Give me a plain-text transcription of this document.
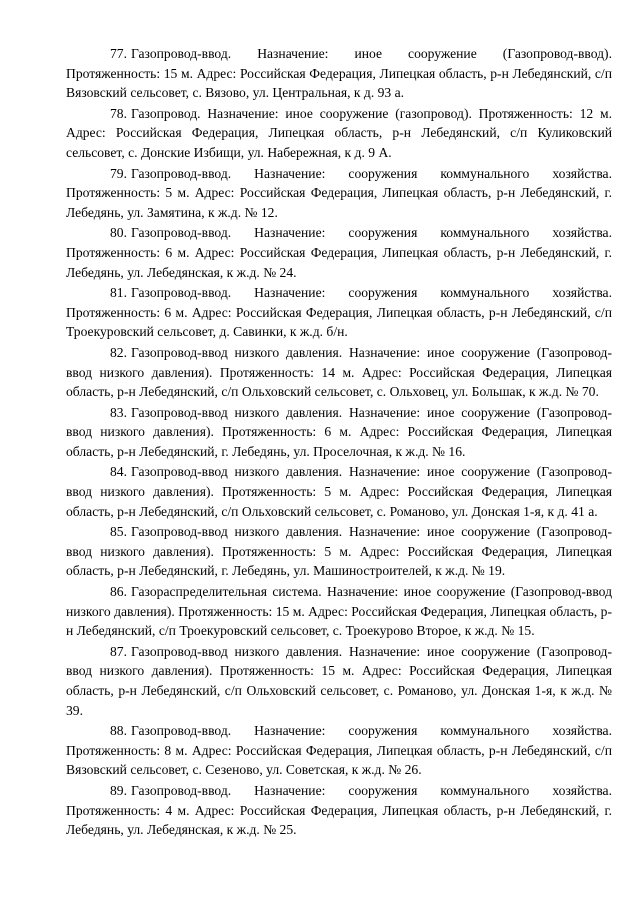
77. Газопровод-ввод. Назначение: иное сооружение (Газопровод-ввод). Протяженность: 15 м. Адрес: Российская Федерация, Липецкая область, р-н Лебедянский, с/п Вязовский сельсовет, с. Вязово, ул. Центральная, к д. 93 а.

78. Газопровод. Назначение: иное сооружение (газопровод). Протяженность: 12 м. Адрес: Российская Федерация, Липецкая область, р-н Лебедянский, с/п Куликовский сельсовет, с. Донские Избищи, ул. Набережная, к д. 9 А.

79. Газопровод-ввод. Назначение: сооружения коммунального хозяйства. Протяженность: 5 м. Адрес: Российская Федерация, Липецкая область, р-н Лебедянский, г. Лебедянь, ул. Замятина, к ж.д. № 12.

80. Газопровод-ввод. Назначение: сооружения коммунального хозяйства. Протяженность: 6 м. Адрес: Российская Федерация, Липецкая область, р-н Лебедянский, г. Лебедянь, ул. Лебедянская, к ж.д. № 24.

81. Газопровод-ввод. Назначение: сооружения коммунального хозяйства. Протяженность: 6 м. Адрес: Российская Федерация, Липецкая область, р-н Лебедянский, с/п Троекуровский сельсовет, д. Савинки, к ж.д. б/н.

82. Газопровод-ввод низкого давления. Назначение: иное сооружение (Газопровод-ввод низкого давления). Протяженность: 14 м. Адрес: Российская Федерация, Липецкая область, р-н Лебедянский, с/п Ольховский сельсовет, с. Ольховец, ул. Большак, к ж.д. № 70.

83. Газопровод-ввод низкого давления. Назначение: иное сооружение (Газопровод-ввод низкого давления). Протяженность: 6 м. Адрес: Российская Федерация, Липецкая область, р-н Лебедянский, г. Лебедянь, ул. Проселочная, к ж.д. № 16.

84. Газопровод-ввод низкого давления. Назначение: иное сооружение (Газопровод-ввод низкого давления). Протяженность: 5 м. Адрес: Российская Федерация, Липецкая область, р-н Лебедянский, с/п Ольховский сельсовет, с. Романово, ул. Донская 1-я, к д. 41 а.

85. Газопровод-ввод низкого давления. Назначение: иное сооружение (Газопровод-ввод низкого давления). Протяженность: 5 м. Адрес: Российская Федерация, Липецкая область, р-н Лебедянский, г. Лебедянь, ул. Машиностроителей, к ж.д. № 19.

86. Газораспределительная система. Назначение: иное сооружение (Газопровод-ввод низкого давления). Протяженность: 15 м. Адрес: Российская Федерация, Липецкая область, р-н Лебедянский, с/п Троекуровский сельсовет, с. Троекурово Второе, к ж.д. № 15.

87. Газопровод-ввод низкого давления. Назначение: иное сооружение (Газопровод-ввод низкого давления). Протяженность: 15 м. Адрес: Российская Федерация, Липецкая область, р-н Лебедянский, с/п Ольховский сельсовет, с. Романово, ул. Донская 1-я, к ж.д. № 39.

88. Газопровод-ввод. Назначение: сооружения коммунального хозяйства. Протяженность: 8 м. Адрес: Российская Федерация, Липецкая область, р-н Лебедянский, с/п Вязовский сельсовет, с. Сезеново, ул. Советская, к ж.д. № 26.

89. Газопровод-ввод. Назначение: сооружения коммунального хозяйства. Протяженность: 4 м. Адрес: Российская Федерация, Липецкая область, р-н Лебедянский, г. Лебедянь, ул. Лебедянская, к ж.д. № 25.
